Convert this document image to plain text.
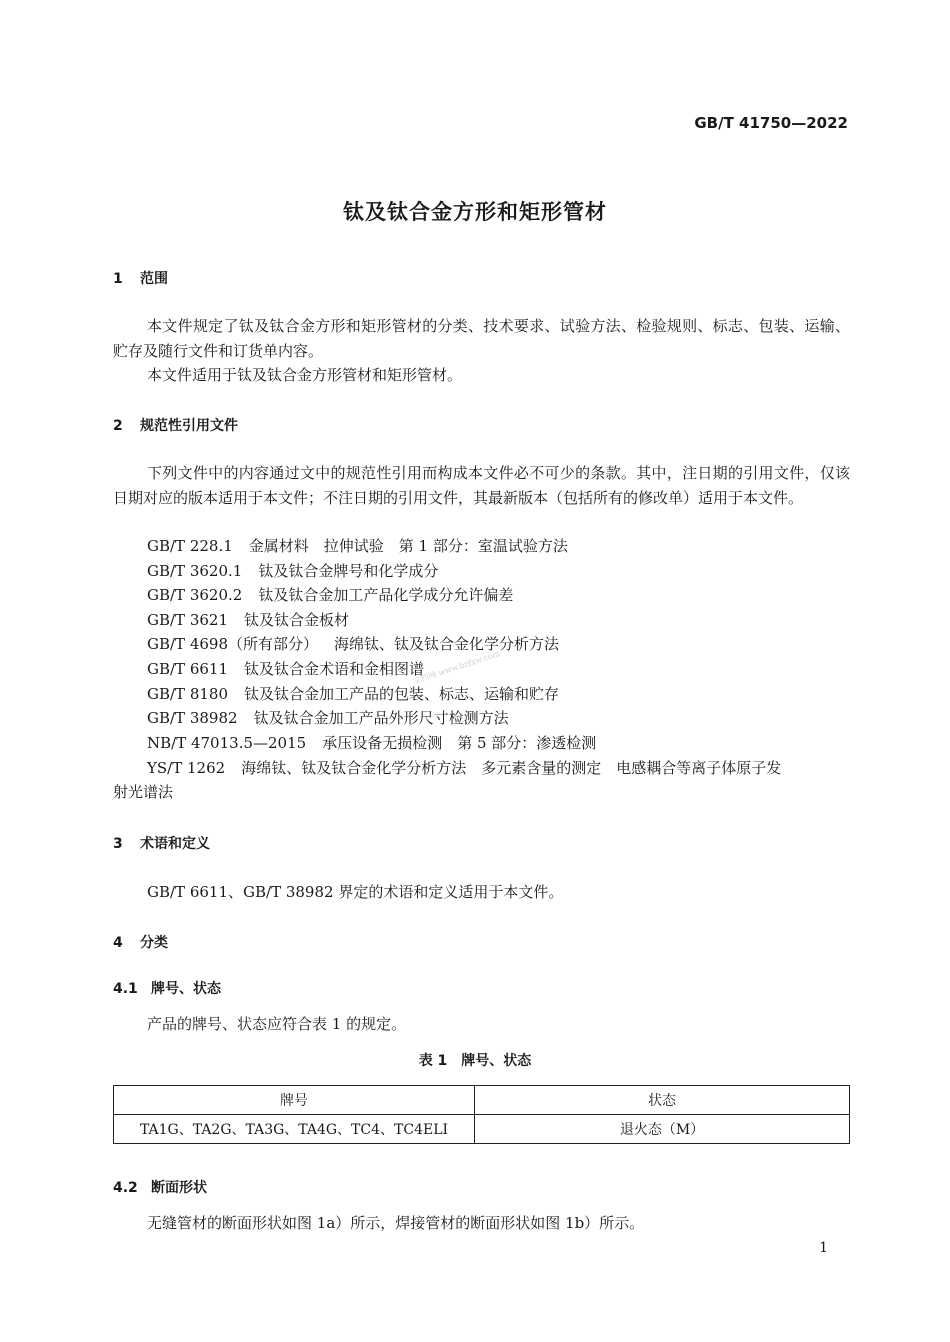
GB/T 41750—2022
钛及钛合金方形和矩形管材
1 范围
本文件规定了钛及钛合金方形和矩形管材的分类、技术要求、试验方法、检验规则、标志、包装、运输、贮存及随行文件和订货单内容。
本文件适用于钛及钛合金方形管材和矩形管材。
2 规范性引用文件
下列文件中的内容通过文中的规范性引用而构成本文件必不可少的条款。其中，注日期的引用文件，仅该日期对应的版本适用于本文件；不注日期的引用文件，其最新版本（包括所有的修改单）适用于本文件。
GB/T 228.1 金属材料　拉伸试验　第 1 部分：室温试验方法
GB/T 3620.1 钛及钛合金牌号和化学成分
GB/T 3620.2 钛及钛合金加工产品化学成分允许偏差
GB/T 3621 钛及钛合金板材
GB/T 4698（所有部分） 海绵钛、钛及钛合金化学分析方法
GB/T 6611 钛及钛合金术语和金相图谱
GB/T 8180 钛及钛合金加工产品的包装、标志、运输和贮存
GB/T 38982 钛及钛合金加工产品外形尺寸检测方法
NB/T 47013.5—2015 承压设备无损检测　第 5 部分：渗透检测
YS/T 1262 海绵钛、钛及钛合金化学分析方法　多元素含量的测定　电感耦合等离子体原子发
射光谱法
3 术语和定义
GB/T 6611、GB/T 38982 界定的术语和定义适用于本文件。
4 分类
4.1 牌号、状态
产品的牌号、状态应符合表 1 的规定。
表 1　牌号、状态
牌号	状态
TA1G、TA2G、TA3G、TA4G、TC4、TC4ELI	退火态（M）
4.2 断面形状
无缝管材的断面形状如图 1a）所示，焊接管材的断面形状如图 1b）所示。
1
文档网 www.bzfxw.com
